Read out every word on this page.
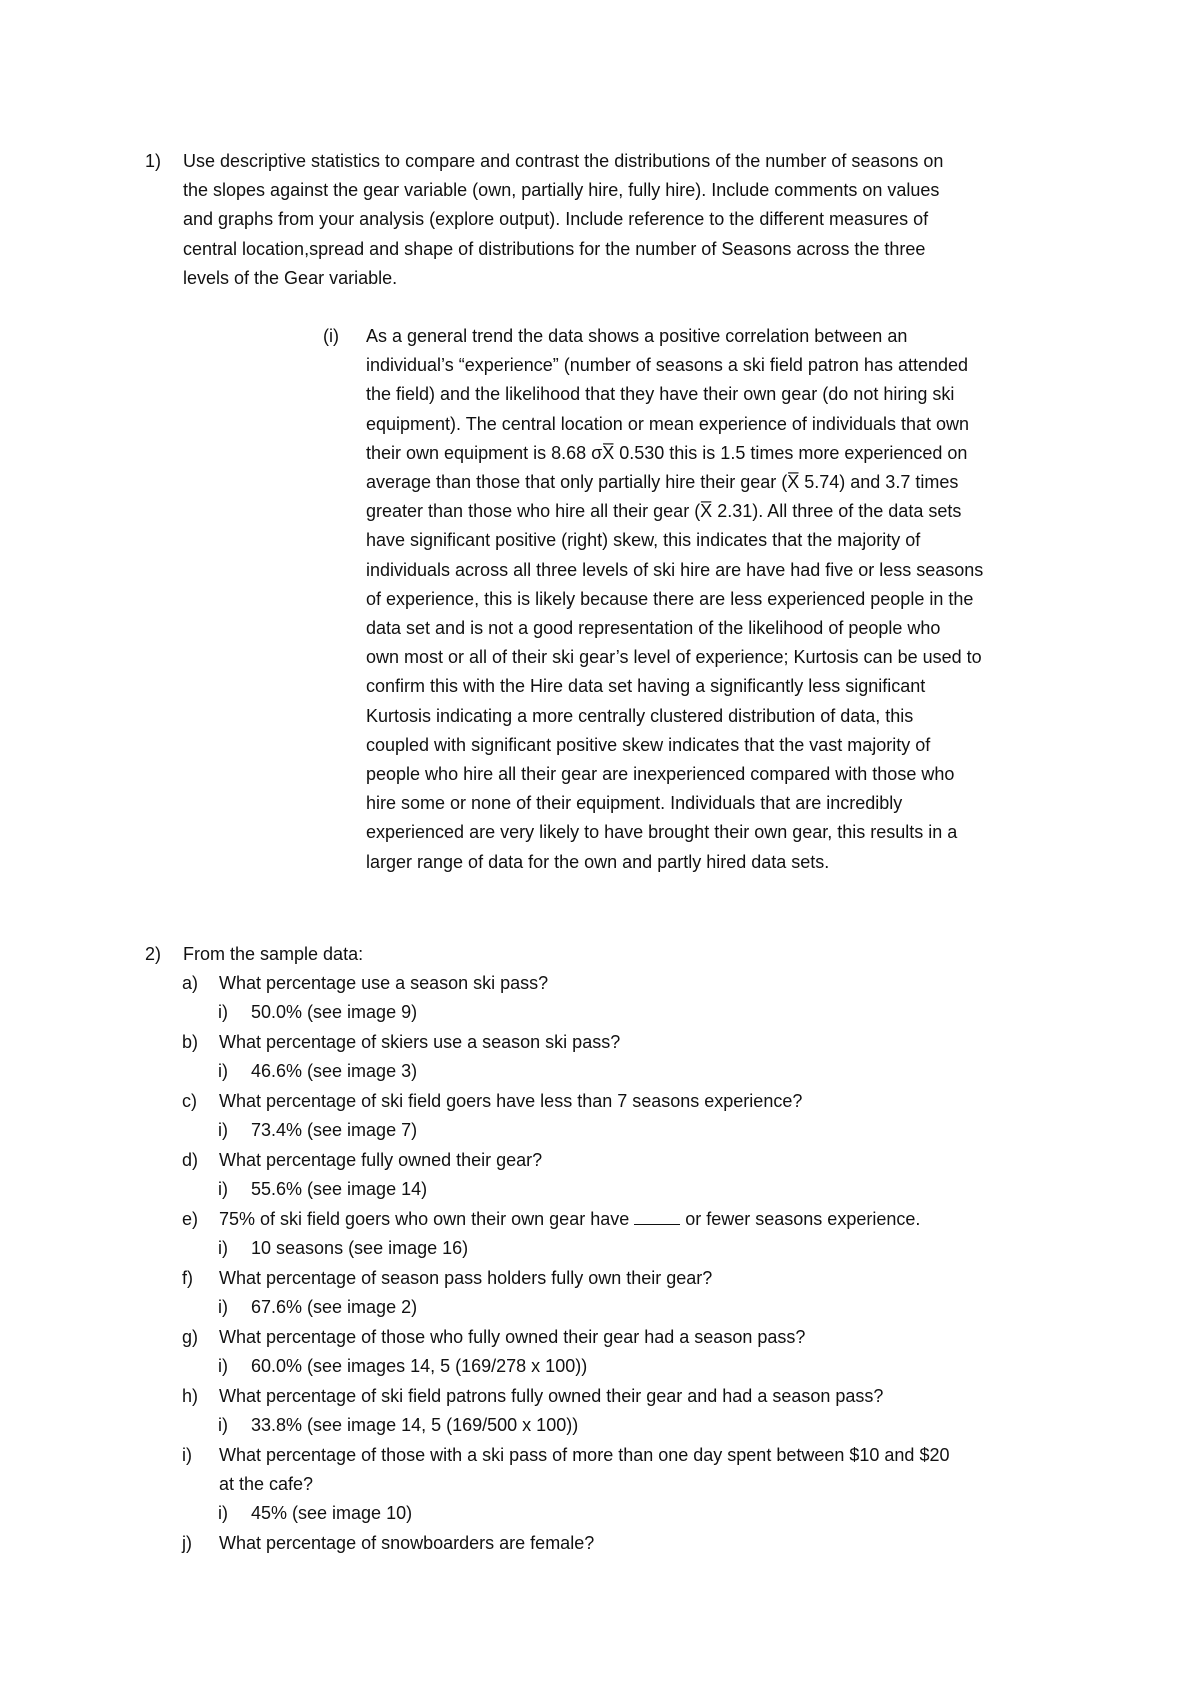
1) Use descriptive statistics to compare and contrast the distributions of the number of seasons on
the slopes against the gear variable (own, partially hire, fully hire). Include comments on values
and graphs from your analysis (explore output). Include reference to the different measures of
central location,spread and shape of distributions for the number of Seasons across the three
levels of the Gear variable.
(i) As a general trend the data shows a positive correlation between an
individual’s “experience” (number of seasons a ski field patron has attended
the field) and the likelihood that they have their own gear (do not hiring ski
equipment). The central location or mean experience of individuals that own
their own equipment is 8.68 σX̅ 0.530 this is 1.5 times more experienced on
average than those that only partially hire their gear (X̅ 5.74) and 3.7 times
greater than those who hire all their gear (X̅ 2.31). All three of the data sets
have significant positive (right) skew, this indicates that the majority of
individuals across all three levels of ski hire are have had five or less seasons
of experience, this is likely because there are less experienced people in the
data set and is not a good representation of the likelihood of people who
own most or all of their ski gear’s level of experience; Kurtosis can be used to
confirm this with the Hire data set having a significantly less significant
Kurtosis indicating a more centrally clustered distribution of data, this
coupled with significant positive skew indicates that the vast majority of
people who hire all their gear are inexperienced compared with those who
hire some or none of their equipment. Individuals that are incredibly
experienced are very likely to have brought their own gear, this results in a
larger range of data for the own and partly hired data sets.
2) From the sample data:
a) What percentage use a season ski pass?
i) 50.0% (see image 9)
b) What percentage of skiers use a season ski pass?
i) 46.6% (see image 3)
c) What percentage of ski field goers have less than 7 seasons experience?
i) 73.4% (see image 7)
d) What percentage fully owned their gear?
i) 55.6% (see image 14)
e) 75% of ski field goers who own their own gear have	or fewer seasons experience.
i) 10 seasons (see image 16)
f) What percentage of season pass holders fully own their gear?
i) 67.6% (see image 2)
g) What percentage of those who fully owned their gear had a season pass?
i) 60.0% (see images 14, 5 (169/278 x 100))
h) What percentage of ski field patrons fully owned their gear and had a season pass?
i) 33.8% (see image 14, 5 (169/500 x 100))
i) What percentage of those with a ski pass of more than one day spent between $10 and $20
at the cafe?
i) 45% (see image 10)
j) What percentage of snowboarders are female?
